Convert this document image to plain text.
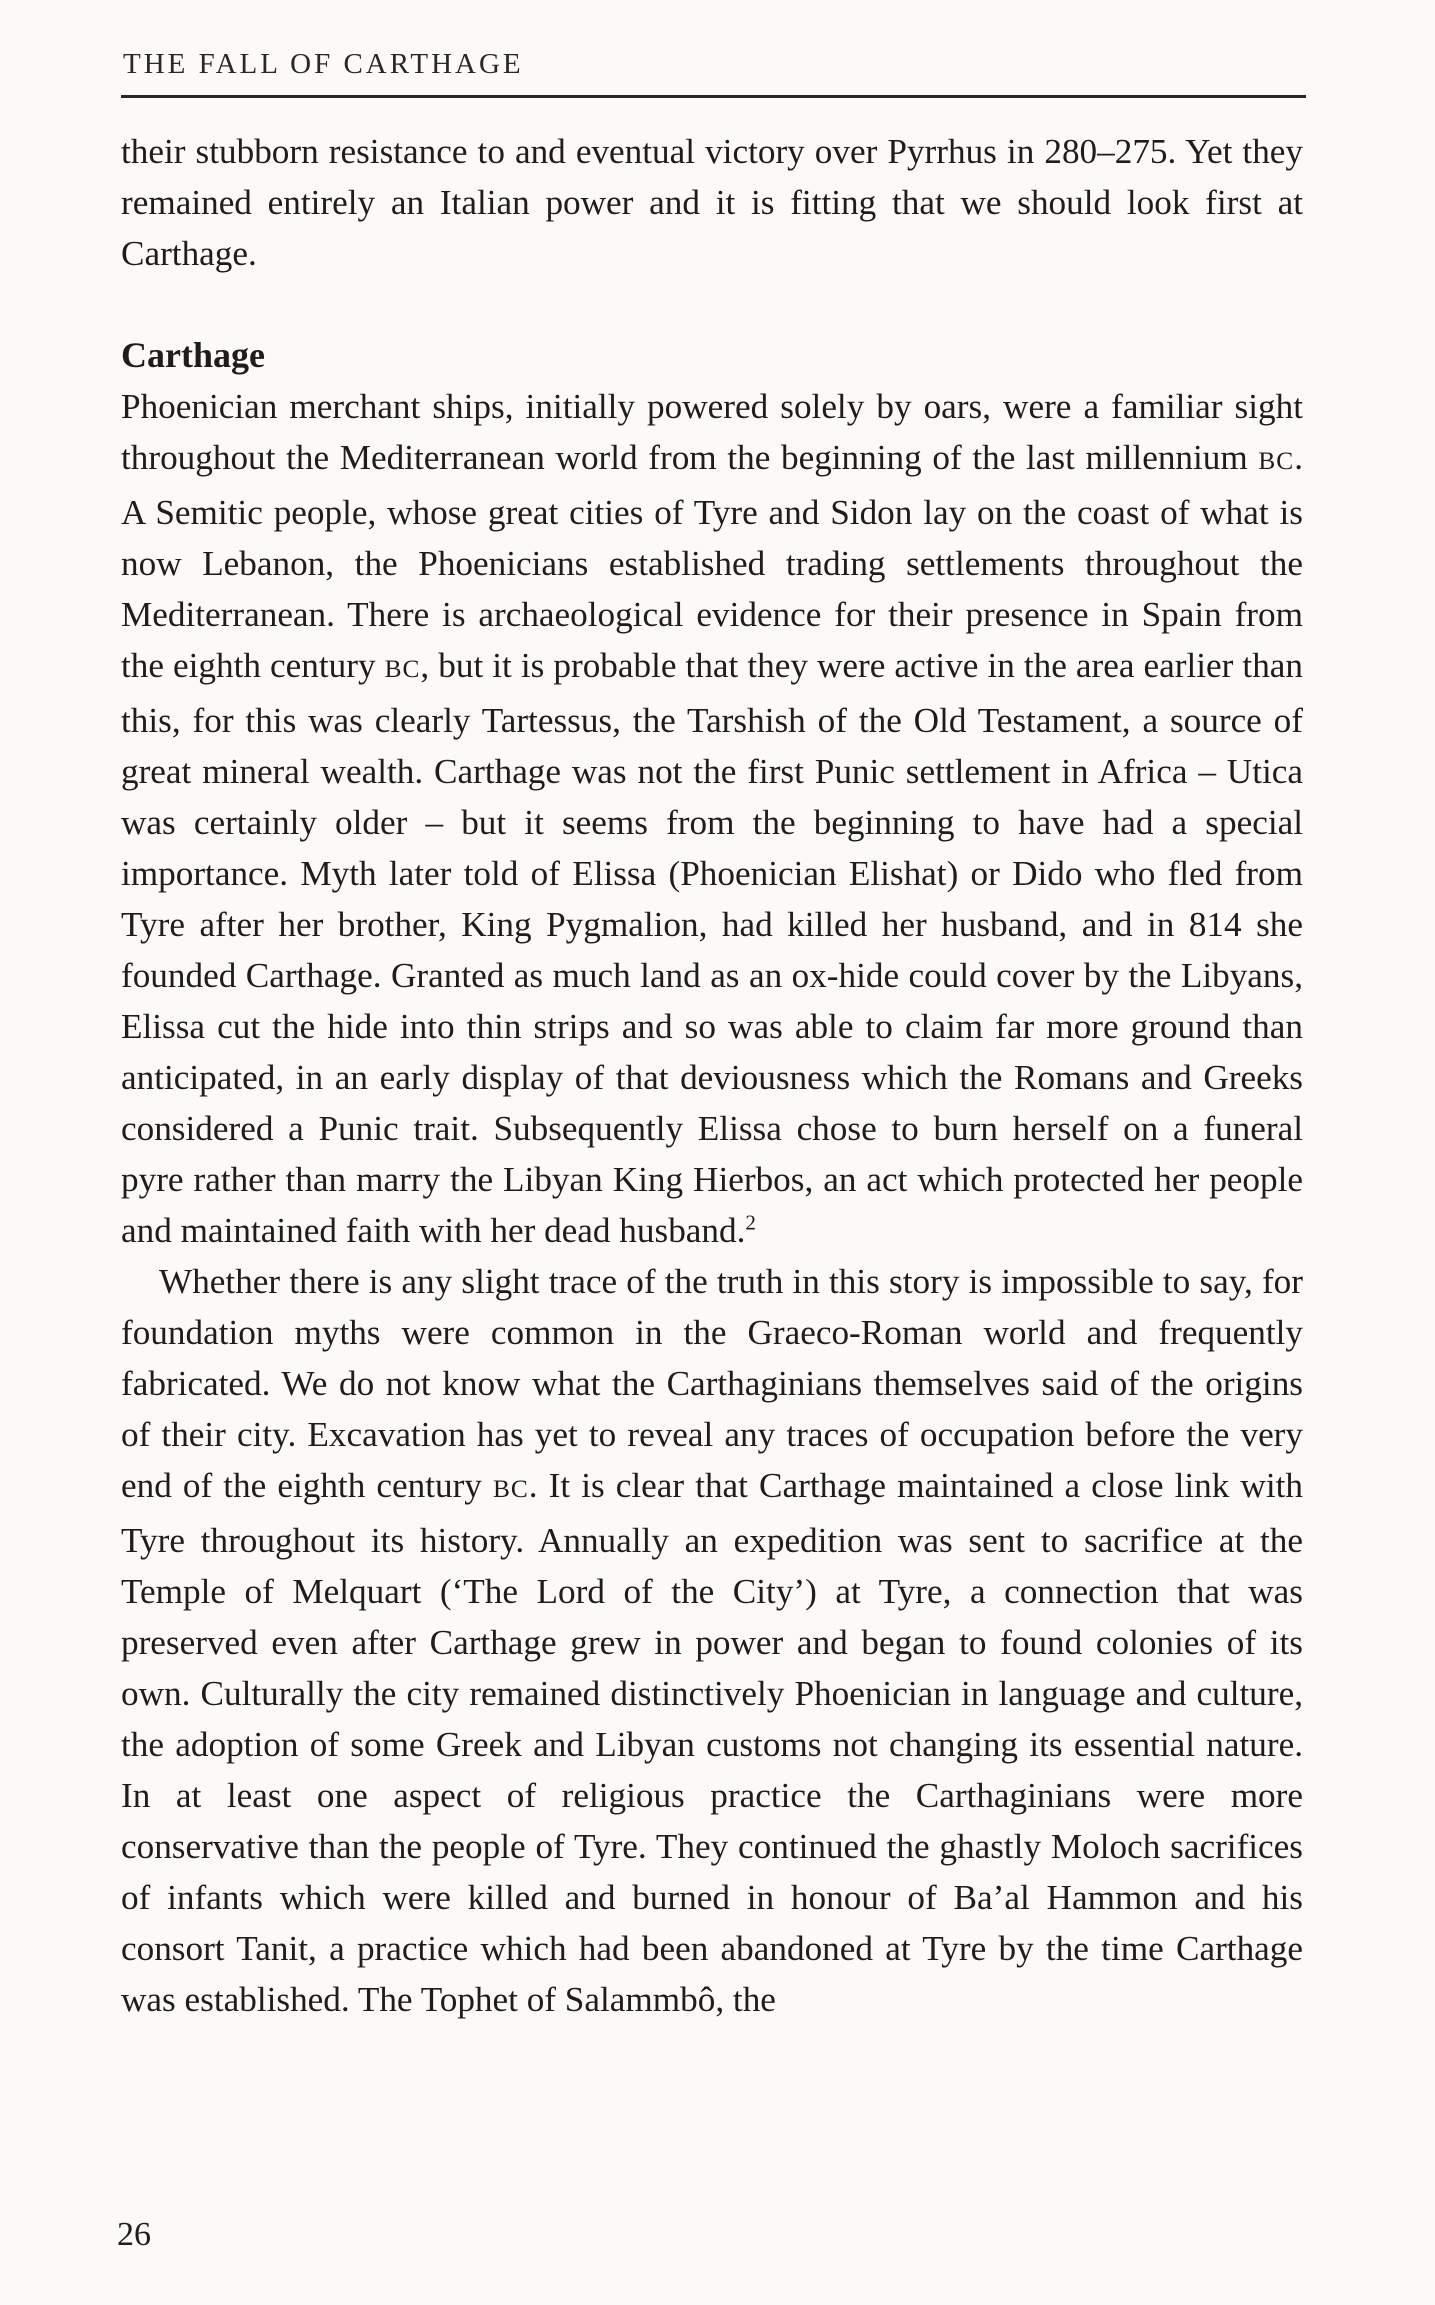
THE FALL OF CARTHAGE

their stubborn resistance to and eventual victory over Pyrrhus in 280–275. Yet they remained entirely an Italian power and it is fitting that we should look first at Carthage.

Carthage

Phoenician merchant ships, initially powered solely by oars, were a familiar sight throughout the Mediterranean world from the beginning of the last millennium BC. A Semitic people, whose great cities of Tyre and Sidon lay on the coast of what is now Lebanon, the Phoenicians established trading settlements throughout the Mediterranean. There is archaeological evidence for their presence in Spain from the eighth century BC, but it is probable that they were active in the area earlier than this, for this was clearly Tartessus, the Tarshish of the Old Testament, a source of great mineral wealth. Carthage was not the first Punic settlement in Africa – Utica was certainly older – but it seems from the beginning to have had a special importance. Myth later told of Elissa (Phoenician Elishat) or Dido who fled from Tyre after her brother, King Pygmalion, had killed her husband, and in 814 she founded Carthage. Granted as much land as an ox-hide could cover by the Libyans, Elissa cut the hide into thin strips and so was able to claim far more ground than anticipated, in an early display of that deviousness which the Romans and Greeks considered a Punic trait. Subsequently Elissa chose to burn herself on a funeral pyre rather than marry the Libyan King Hierbos, an act which protected her people and maintained faith with her dead husband.$^2$

Whether there is any slight trace of the truth in this story is impossible to say, for foundation myths were common in the Graeco-Roman world and frequently fabricated. We do not know what the Carthaginians themselves said of the origins of their city. Excavation has yet to reveal any traces of occupation before the very end of the eighth century BC. It is clear that Carthage maintained a close link with Tyre throughout its history. Annually an expedition was sent to sacrifice at the Temple of Melquart (‘The Lord of the City’) at Tyre, a connection that was preserved even after Carthage grew in power and began to found colonies of its own. Culturally the city remained distinctively Phoenician in language and culture, the adoption of some Greek and Libyan customs not changing its essential nature. In at least one aspect of religious practice the Carthaginians were more conservative than the people of Tyre. They continued the ghastly Moloch sacrifices of infants which were killed and burned in honour of Ba’al Hammon and his consort Tanit, a practice which had been abandoned at Tyre by the time Carthage was established. The Tophet of Salammbô, the

26
